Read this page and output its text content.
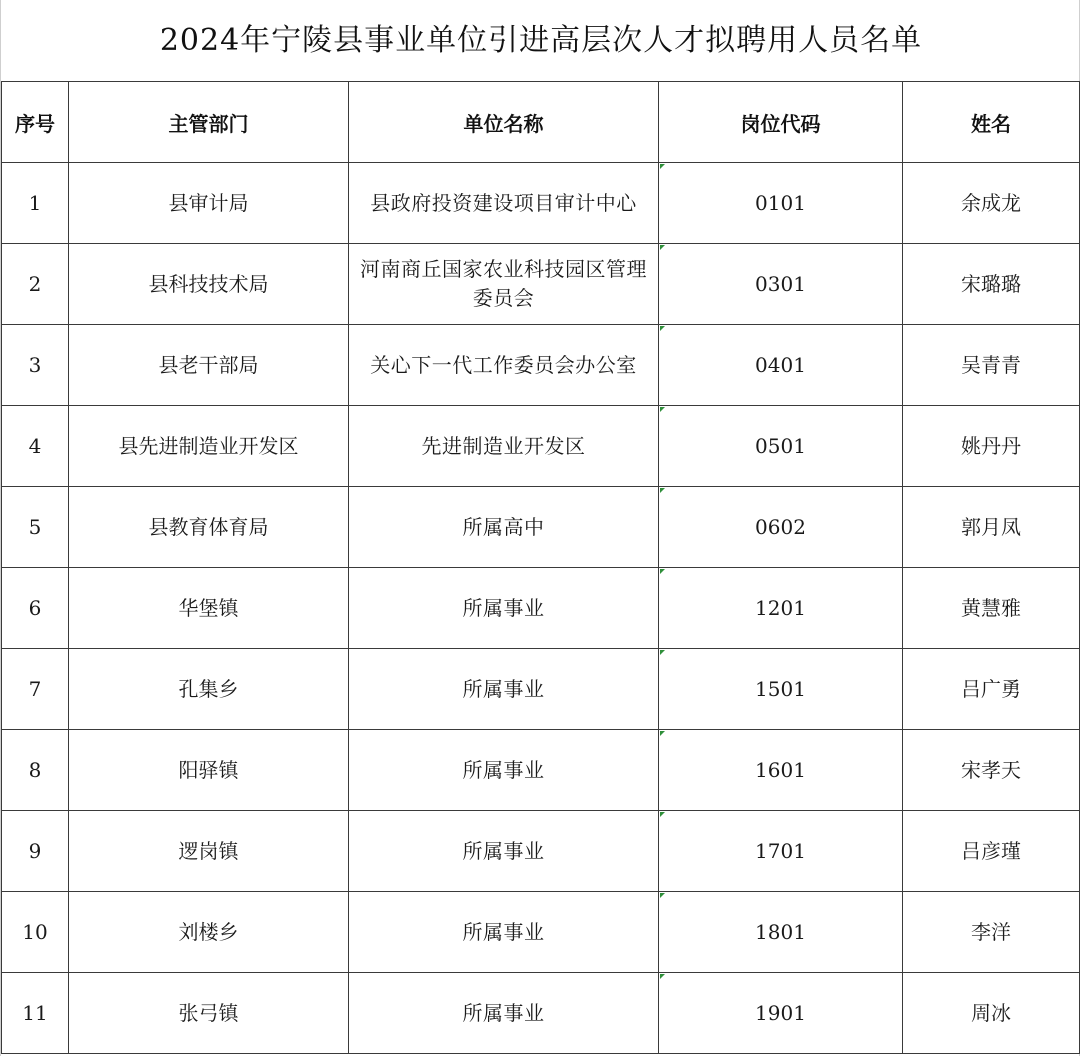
2024年宁陵县事业单位引进高层次人才拟聘用人员名单
序号	主管部门	单位名称	岗位代码	姓名
1	县审计局	县政府投资建设项目审计中心	0101	余成龙
2	县科技技术局	河南商丘国家农业科技园区管理委员会	0301	宋璐璐
3	县老干部局	关心下一代工作委员会办公室	0401	吴青青
4	县先进制造业开发区	先进制造业开发区	0501	姚丹丹
5	县教育体育局	所属高中	0602	郭月凤
6	华堡镇	所属事业	1201	黄慧雅
7	孔集乡	所属事业	1501	吕广勇
8	阳驿镇	所属事业	1601	宋孝天
9	逻岗镇	所属事业	1701	吕彦瑾
10	刘楼乡	所属事业	1801	李洋
11	张弓镇	所属事业	1901	周冰
